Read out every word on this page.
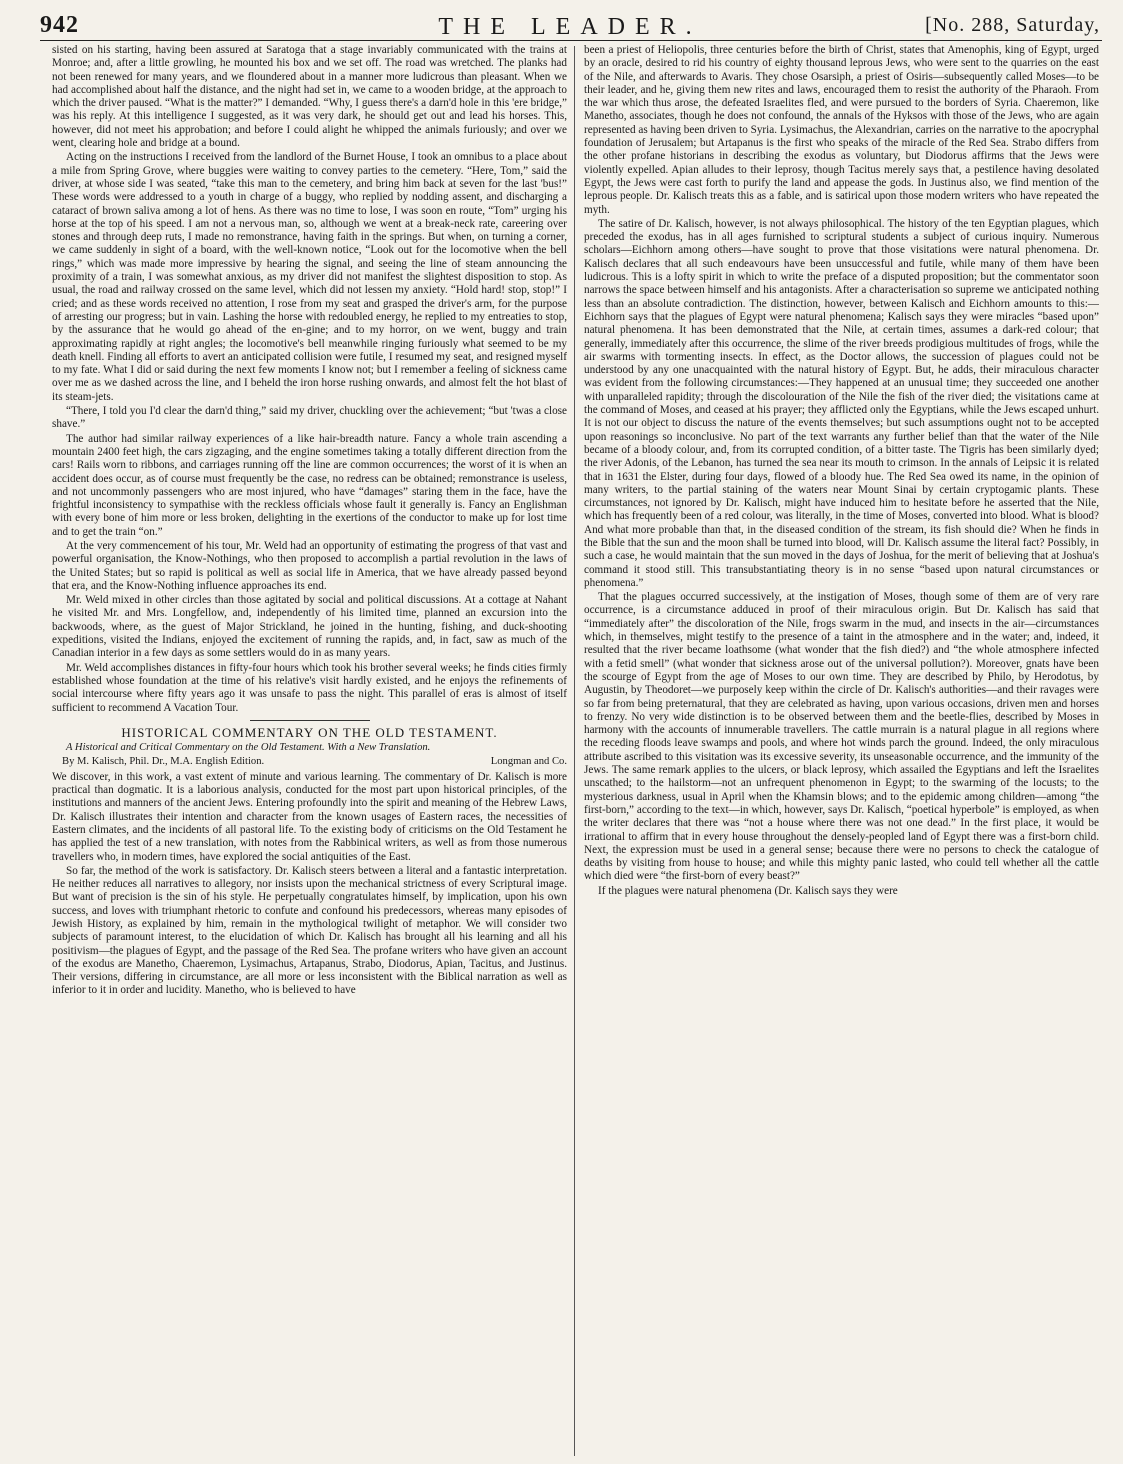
942	THE LEADER.	[No. 288, Saturday,

sisted on his starting, having been assured at Saratoga that a stage invariably communicated with the trains at Monroe; and, after a little growling, he mounted his box and we set off. The road was wretched. The planks had not been renewed for many years, and we floundered about in a manner more ludicrous than pleasant. When we had accomplished about half the distance, and the night had set in, we came to a wooden bridge, at the approach to which the driver paused. “What is the matter?” I demanded. “Why, I guess there's a darn'd hole in this 'ere bridge,” was his reply. At this intelligence I suggested, as it was very dark, he should get out and lead his horses. This, however, did not meet his approbation; and before I could alight he whipped the animals furiously; and over we went, clearing hole and bridge at a bound.

Acting on the instructions I received from the landlord of the Burnet House, I took an omnibus to a place about a mile from Spring Grove, where buggies were waiting to convey parties to the cemetery. “Here, Tom,” said the driver, at whose side I was seated, “take this man to the cemetery, and bring him back at seven for the last 'bus!” These words were addressed to a youth in charge of a buggy, who replied by nodding assent, and discharging a cataract of brown saliva among a lot of hens. As there was no time to lose, I was soon en route, “Tom” urging his horse at the top of his speed. I am not a nervous man, so, although we went at a break-neck rate, careering over stones and through deep ruts, I made no remonstrance, having faith in the springs. But when, on turning a corner, we came suddenly in sight of a board, with the well-known notice, “Look out for the locomotive when the bell rings,” which was made more impressive by hearing the signal, and seeing the line of steam announcing the proximity of a train, I was somewhat anxious, as my driver did not manifest the slightest disposition to stop. As usual, the road and railway crossed on the same level, which did not lessen my anxiety. “Hold hard! stop, stop!” I cried; and as these words received no attention, I rose from my seat and grasped the driver's arm, for the purpose of arresting our progress; but in vain. Lashing the horse with redoubled energy, he replied to my entreaties to stop, by the assurance that he would go ahead of the en-gine; and to my horror, on we went, buggy and train approximating rapidly at right angles; the locomotive's bell meanwhile ringing furiously what seemed to be my death knell. Finding all efforts to avert an anticipated collision were futile, I resumed my seat, and resigned myself to my fate. What I did or said during the next few moments I know not; but I remember a feeling of sickness came over me as we dashed across the line, and I beheld the iron horse rushing onwards, and almost felt the hot blast of its steam-jets.

“There, I told you I'd clear the darn'd thing,” said my driver, chuckling over the achievement; “but 'twas a close shave.”

The author had similar railway experiences of a like hair-breadth nature. Fancy a whole train ascending a mountain 2400 feet high, the cars zigzaging, and the engine sometimes taking a totally different direction from the cars! Rails worn to ribbons, and carriages running off the line are common occurrences; the worst of it is when an accident does occur, as of course must frequently be the case, no redress can be obtained; remonstrance is useless, and not uncommonly passengers who are most injured, who have “damages” staring them in the face, have the frightful inconsistency to sympathise with the reckless officials whose fault it generally is. Fancy an Englishman with every bone of him more or less broken, delighting in the exertions of the conductor to make up for lost time and to get the train “on.”

At the very commencement of his tour, Mr. Weld had an opportunity of estimating the progress of that vast and powerful organisation, the Know-Nothings, who then proposed to accomplish a partial revolution in the laws of the United States; but so rapid is political as well as social life in America, that we have already passed beyond that era, and the Know-Nothing influence approaches its end.

Mr. Weld mixed in other circles than those agitated by social and political discussions. At a cottage at Nahant he visited Mr. and Mrs. Longfellow, and, independently of his limited time, planned an excursion into the backwoods, where, as the guest of Major Strickland, he joined in the hunting, fishing, and duck-shooting expeditions, visited the Indians, enjoyed the excitement of running the rapids, and, in fact, saw as much of the Canadian interior in a few days as some settlers would do in as many years.

Mr. Weld accomplishes distances in fifty-four hours which took his brother several weeks; he finds cities firmly established whose foundation at the time of his relative's visit hardly existed, and he enjoys the refinements of social intercourse where fifty years ago it was unsafe to pass the night. This parallel of eras is almost of itself sufficient to recommend A Vacation Tour.

HISTORICAL COMMENTARY ON THE OLD TESTAMENT.

A Historical and Critical Commentary on the Old Testament. With a New Translation.

By M. Kalisch, Phil. Dr., M.A. English Edition.	Longman and Co.

We discover, in this work, a vast extent of minute and various learning. The commentary of Dr. Kalisch is more practical than dogmatic. It is a laborious analysis, conducted for the most part upon historical principles, of the institutions and manners of the ancient Jews. Entering profoundly into the spirit and meaning of the Hebrew Laws, Dr. Kalisch illustrates their intention and character from the known usages of Eastern races, the necessities of Eastern climates, and the incidents of all pastoral life. To the existing body of criticisms on the Old Testament he has applied the test of a new translation, with notes from the Rabbinical writers, as well as from those numerous travellers who, in modern times, have explored the social antiquities of the East.

So far, the method of the work is satisfactory. Dr. Kalisch steers between a literal and a fantastic interpretation. He neither reduces all narratives to allegory, nor insists upon the mechanical strictness of every Scriptural image. But want of precision is the sin of his style. He perpetually congratulates himself, by implication, upon his own success, and loves with triumphant rhetoric to confute and confound his predecessors, whereas many episodes of Jewish History, as explained by him, remain in the mythological twilight of metaphor. We will consider two subjects of paramount interest, to the elucidation of which Dr. Kalisch has brought all his learning and all his positivism—the plagues of Egypt, and the passage of the Red Sea. The profane writers who have given an account of the exodus are Manetho, Chaeremon, Lysimachus, Artapanus, Strabo, Diodorus, Apian, Tacitus, and Justinus. Their versions, differing in circumstance, are all more or less inconsistent with the Biblical narration as well as inferior to it in order and lucidity. Manetho, who is believed to have

been a priest of Heliopolis, three centuries before the birth of Christ, states that Amenophis, king of Egypt, urged by an oracle, desired to rid his country of eighty thousand leprous Jews, who were sent to the quarries on the east of the Nile, and afterwards to Avaris. They chose Osarsiph, a priest of Osiris—subsequently called Moses—to be their leader, and he, giving them new rites and laws, encouraged them to resist the authority of the Pharaoh. From the war which thus arose, the defeated Israelites fled, and were pursued to the borders of Syria. Chaeremon, like Manetho, associates, though he does not confound, the annals of the Hyksos with those of the Jews, who are again represented as having been driven to Syria. Lysimachus, the Alexandrian, carries on the narrative to the apocryphal foundation of Jerusalem; but Artapanus is the first who speaks of the miracle of the Red Sea. Strabo differs from the other profane historians in describing the exodus as voluntary, but Diodorus affirms that the Jews were violently expelled. Apian alludes to their leprosy, though Tacitus merely says that, a pestilence having desolated Egypt, the Jews were cast forth to purify the land and appease the gods. In Justinus also, we find mention of the leprous people. Dr. Kalisch treats this as a fable, and is satirical upon those modern writers who have repeated the myth.

The satire of Dr. Kalisch, however, is not always philosophical. The history of the ten Egyptian plagues, which preceded the exodus, has in all ages furnished to scriptural students a subject of curious inquiry. Numerous scholars—Eichhorn among others—have sought to prove that those visitations were natural phenomena. Dr. Kalisch declares that all such endeavours have been unsuccessful and futile, while many of them have been ludicrous. This is a lofty spirit in which to write the preface of a disputed proposition; but the commentator soon narrows the space between himself and his antagonists. After a characterisation so supreme we anticipated nothing less than an absolute contradiction. The distinction, however, between Kalisch and Eichhorn amounts to this:—Eichhorn says that the plagues of Egypt were natural phenomena; Kalisch says they were miracles “based upon” natural phenomena. It has been demonstrated that the Nile, at certain times, assumes a dark-red colour; that generally, immediately after this occurrence, the slime of the river breeds prodigious multitudes of frogs, while the air swarms with tormenting insects. In effect, as the Doctor allows, the succession of plagues could not be understood by any one unacquainted with the natural history of Egypt. But, he adds, their miraculous character was evident from the following circumstances:—They happened at an unusual time; they succeeded one another with unparalleled rapidity; through the discolouration of the Nile the fish of the river died; the visitations came at the command of Moses, and ceased at his prayer; they afflicted only the Egyptians, while the Jews escaped unhurt. It is not our object to discuss the nature of the events themselves; but such assumptions ought not to be accepted upon reasonings so inconclusive. No part of the text warrants any further belief than that the water of the Nile became of a bloody colour, and, from its corrupted condition, of a bitter taste. The Tigris has been similarly dyed; the river Adonis, of the Lebanon, has turned the sea near its mouth to crimson. In the annals of Leipsic it is related that in 1631 the Elster, during four days, flowed of a bloody hue. The Red Sea owed its name, in the opinion of many writers, to the partial staining of the waters near Mount Sinai by certain cryptogamic plants. These circumstances, not ignored by Dr. Kalisch, might have induced him to hesitate before he asserted that the Nile, which has frequently been of a red colour, was literally, in the time of Moses, converted into blood. What is blood? And what more probable than that, in the diseased condition of the stream, its fish should die? When he finds in the Bible that the sun and the moon shall be turned into blood, will Dr. Kalisch assume the literal fact? Possibly, in such a case, he would maintain that the sun moved in the days of Joshua, for the merit of believing that at Joshua's command it stood still. This transubstantiating theory is in no sense “based upon natural circumstances or phenomena.”

That the plagues occurred successively, at the instigation of Moses, though some of them are of very rare occurrence, is a circumstance adduced in proof of their miraculous origin. But Dr. Kalisch has said that “immediately after” the discoloration of the Nile, frogs swarm in the mud, and insects in the air—circumstances which, in themselves, might testify to the presence of a taint in the atmosphere and in the water; and, indeed, it resulted that the river became loathsome (what wonder that the fish died?) and “the whole atmosphere infected with a fetid smell” (what wonder that sickness arose out of the universal pollution?). Moreover, gnats have been the scourge of Egypt from the age of Moses to our own time. They are described by Philo, by Herodotus, by Augustin, by Theodoret—we purposely keep within the circle of Dr. Kalisch's authorities—and their ravages were so far from being preternatural, that they are celebrated as having, upon various occasions, driven men and horses to frenzy. No very wide distinction is to be observed between them and the beetle-flies, described by Moses in harmony with the accounts of innumerable travellers. The cattle murrain is a natural plague in all regions where the receding floods leave swamps and pools, and where hot winds parch the ground. Indeed, the only miraculous attribute ascribed to this visitation was its excessive severity, its unseasonable occurrence, and the immunity of the Jews. The same remark applies to the ulcers, or black leprosy, which assailed the Egyptians and left the Israelites unscathed; to the hailstorm—not an unfrequent phenomenon in Egypt; to the swarming of the locusts; to the mysterious darkness, usual in April when the Khamsin blows; and to the epidemic among children—among “the first-born,” according to the text—in which, however, says Dr. Kalisch, “poetical hyperbole” is employed, as when the writer declares that there was “not a house where there was not one dead.” In the first place, it would be irrational to affirm that in every house throughout the densely-peopled land of Egypt there was a first-born child. Next, the expression must be used in a general sense; because there were no persons to check the catalogue of deaths by visiting from house to house; and while this mighty panic lasted, who could tell whether all the cattle which died were “the first-born of every beast?”

If the plagues were natural phenomena (Dr. Kalisch says they were
